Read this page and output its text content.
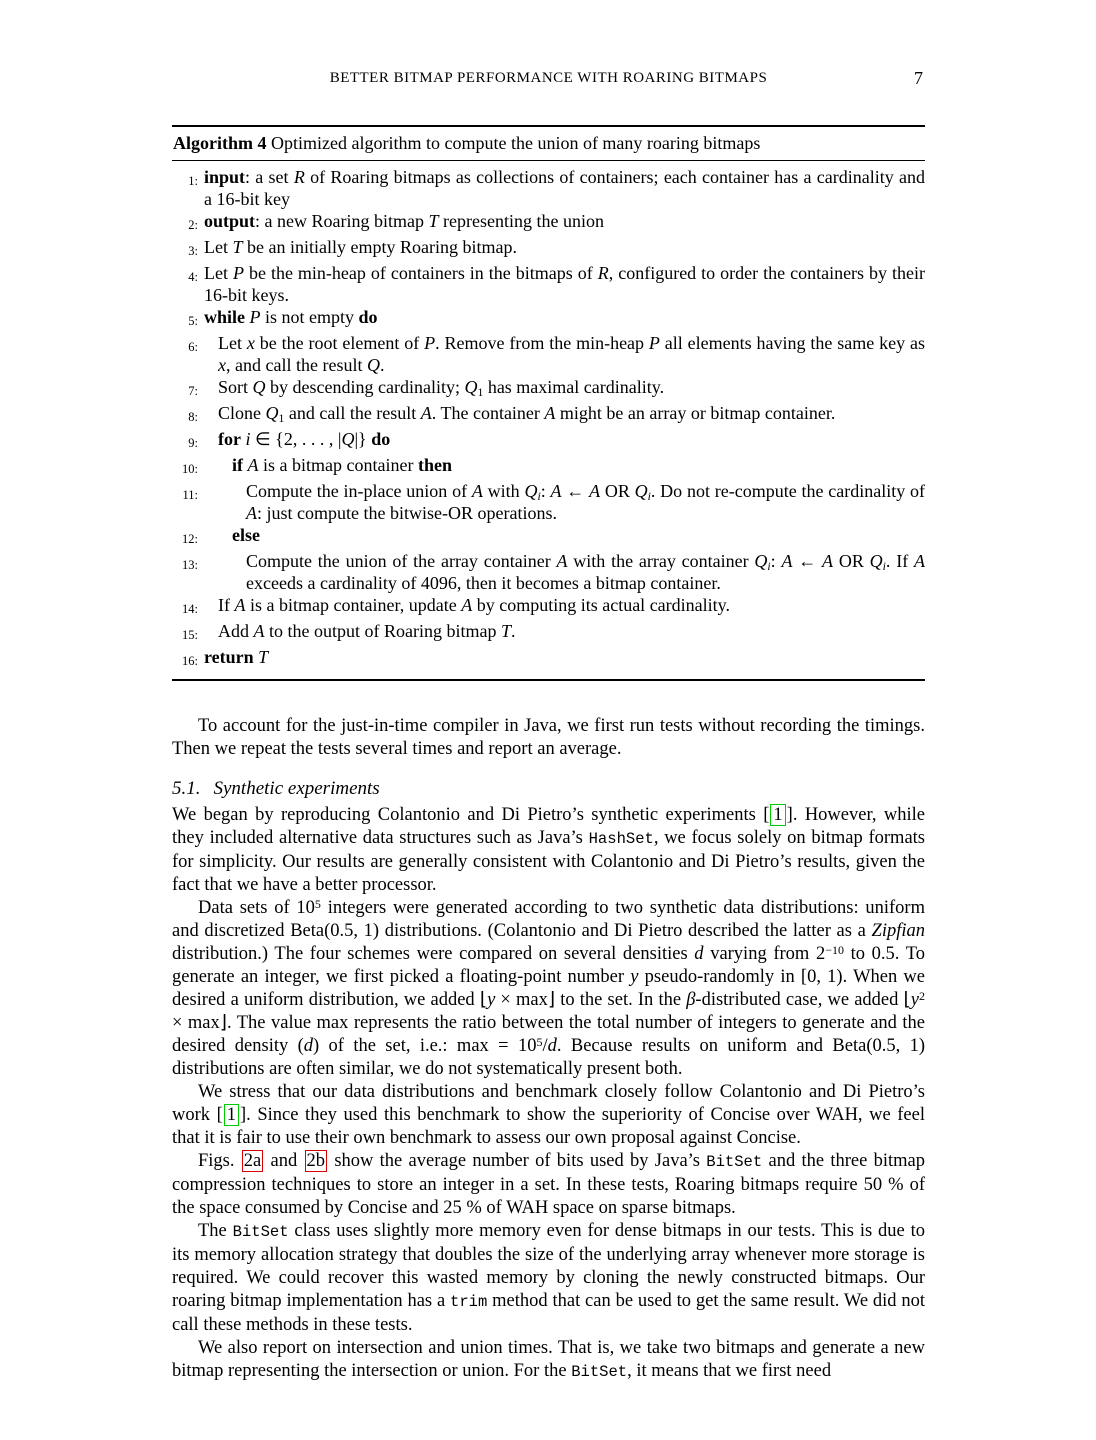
BETTER BITMAP PERFORMANCE WITH ROARING BITMAPS	7
Algorithm 4 Optimized algorithm to compute the union of many roaring bitmaps
1: input: a set R of Roaring bitmaps as collections of containers; each container has a cardinality and a 16-bit key
2: output: a new Roaring bitmap T representing the union
3: Let T be an initially empty Roaring bitmap.
4: Let P be the min-heap of containers in the bitmaps of R, configured to order the containers by their 16-bit keys.
5: while P is not empty do
6:	Let x be the root element of P. Remove from the min-heap P all elements having the same key as x, and call the result Q.
7:	Sort Q by descending cardinality; Q1 has maximal cardinality.
8:	Clone Q1 and call the result A. The container A might be an array or bitmap container.
9:	for i ∈ {2, . . . , |Q|} do
10:	if A is a bitmap container then
11:	Compute the in-place union of A with Qi: A ← A OR Qi. Do not re-compute the cardinality of A: just compute the bitwise-OR operations.
12:	else
13:	Compute the union of the array container A with the array container Qi: A ← A OR Qi. If A exceeds a cardinality of 4096, then it becomes a bitmap container.
14:	If A is a bitmap container, update A by computing its actual cardinality.
15:	Add A to the output of Roaring bitmap T.
16: return T

To account for the just-in-time compiler in Java, we first run tests without recording the timings. Then we repeat the tests several times and report an average.

5.1. Synthetic experiments

We began by reproducing Colantonio and Di Pietro’s synthetic experiments [ 1 ]. However, while they included alternative data structures such as Java’s HashSet, we focus solely on bitmap formats for simplicity. Our results are generally consistent with Colantonio and Di Pietro’s results, given the fact that we have a better processor.

Data sets of $10^5$ integers were generated according to two synthetic data distributions: uniform and discretized Beta(0.5, 1) distributions. (Colantonio and Di Pietro described the latter as a Zipfian distribution.) The four schemes were compared on several densities d varying from $2^{-10}$ to 0.5. To generate an integer, we first picked a floating-point number y pseudo-randomly in [0, 1). When we desired a uniform distribution, we added ⌊y × max⌋ to the set. In the β-distributed case, we added $⌊y^2$ × max⌋. The value max represents the ratio between the total number of integers to generate and the desired density (d) of the set, i.e.: $\max = 10^5/d$. Because results on uniform and Beta(0.5, 1) distributions are often similar, we do not systematically present both.

We stress that our data distributions and benchmark closely follow Colantonio and Di Pietro’s work [ 1 ]. Since they used this benchmark to show the superiority of Concise over WAH, we feel that it is fair to use their own benchmark to assess our own proposal against Concise.

Figs. 2a and 2b show the average number of bits used by Java’s BitSet and the three bitmap compression techniques to store an integer in a set. In these tests, Roaring bitmaps require 50 % of the space consumed by Concise and 25 % of WAH space on sparse bitmaps.

The BitSet class uses slightly more memory even for dense bitmaps in our tests. This is due to its memory allocation strategy that doubles the size of the underlying array whenever more storage is required. We could recover this wasted memory by cloning the newly constructed bitmaps. Our roaring bitmap implementation has a trim method that can be used to get the same result. We did not call these methods in these tests.

We also report on intersection and union times. That is, we take two bitmaps and generate a new bitmap representing the intersection or union. For the BitSet, it means that we first need
